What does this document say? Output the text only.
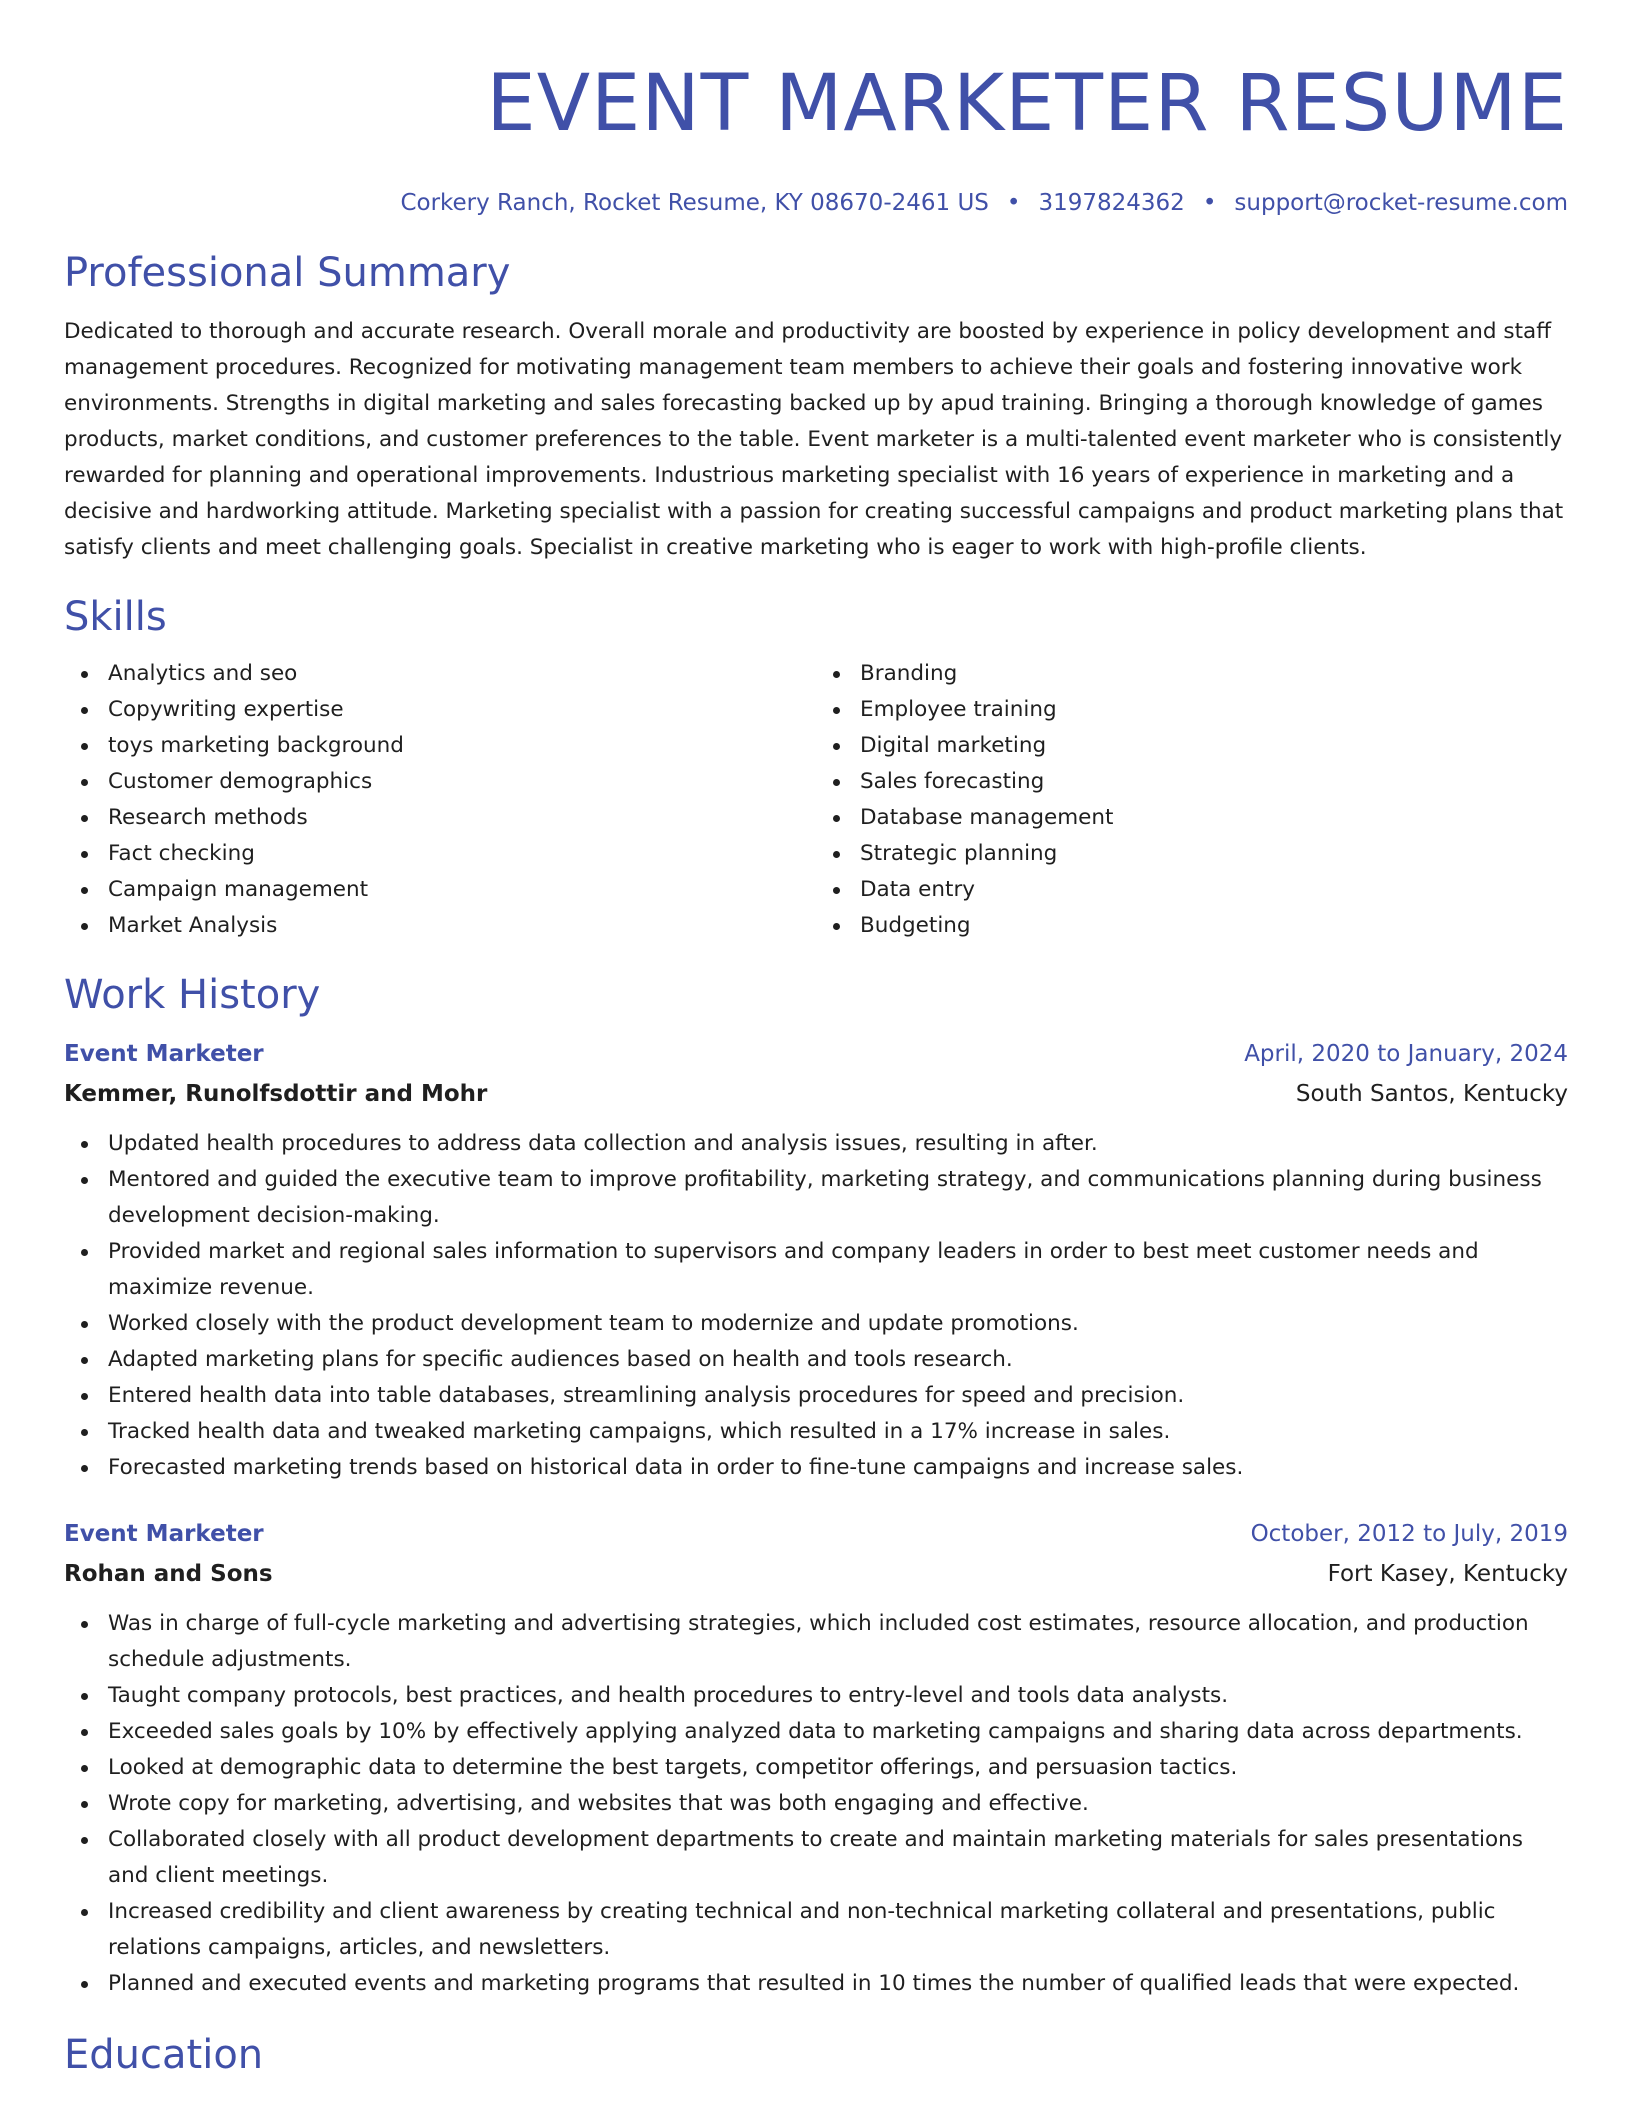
EVENT MARKETER RESUME
Corkery Ranch, Rocket Resume, KY 08670-2461 US • 3197824362 • support@rocket-resume.com
Professional Summary

Dedicated to thorough and accurate research. Overall morale and productivity are boosted by experience in policy development and staff management procedures. Recognized for motivating management team members to achieve their goals and fostering innovative work environments. Strengths in digital marketing and sales forecasting backed up by apud training. Bringing a thorough knowledge of games products, market conditions, and customer preferences to the table. Event marketer is a multi-talented event marketer who is consistently rewarded for planning and operational improvements. Industrious marketing specialist with 16 years of experience in marketing and a decisive and hardworking attitude. Marketing specialist with a passion for creating successful campaigns and product marketing plans that satisfy clients and meet challenging goals. Specialist in creative marketing who is eager to work with high-profile clients.

Skills
Analytics and seo
Copywriting expertise
toys marketing background
Customer demographics
Research methods
Fact checking
Campaign management
Market Analysis
Branding
Employee training
Digital marketing
Sales forecasting
Database management
Strategic planning
Data entry
Budgeting
Work History
Event Marketer	April, 2020 to January, 2024
Kemmer, Runolfsdottir and Mohr	South Santos, Kentucky
Updated health procedures to address data collection and analysis issues, resulting in after.
Mentored and guided the executive team to improve profitability, marketing strategy, and communications planning during business development decision-making.
Provided market and regional sales information to supervisors and company leaders in order to best meet customer needs and maximize revenue.
Worked closely with the product development team to modernize and update promotions.
Adapted marketing plans for specific audiences based on health and tools research.
Entered health data into table databases, streamlining analysis procedures for speed and precision.
Tracked health data and tweaked marketing campaigns, which resulted in a 17% increase in sales.
Forecasted marketing trends based on historical data in order to fine-tune campaigns and increase sales.
Event Marketer	October, 2012 to July, 2019
Rohan and Sons	Fort Kasey, Kentucky
Was in charge of full-cycle marketing and advertising strategies, which included cost estimates, resource allocation, and production schedule adjustments.
Taught company protocols, best practices, and health procedures to entry-level and tools data analysts.
Exceeded sales goals by 10% by effectively applying analyzed data to marketing campaigns and sharing data across departments.
Looked at demographic data to determine the best targets, competitor offerings, and persuasion tactics.
Wrote copy for marketing, advertising, and websites that was both engaging and effective.
Collaborated closely with all product development departments to create and maintain marketing materials for sales presentations and client meetings.
Increased credibility and client awareness by creating technical and non-technical marketing collateral and presentations, public relations campaigns, articles, and newsletters.
Planned and executed events and marketing programs that resulted in 10 times the number of qualified leads that were expected.
Education
